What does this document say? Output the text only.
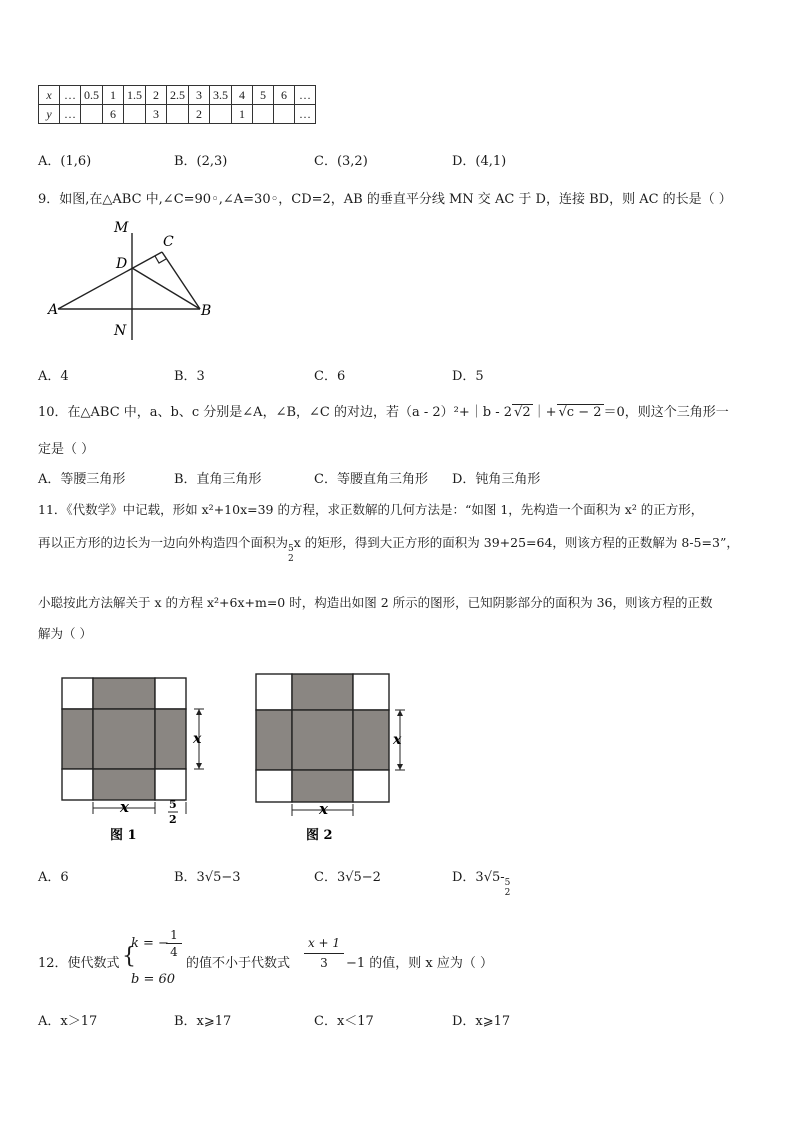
x	…	0.5	1	1.5	2	2.5	3	3.5	4	5	6	…
y	…		6		3		2		1			…
A．(1,6)	B．(2,3)	C．(3,2)	D．(4,1)
9．如图,在△ABC 中,∠C=90◦,∠A=30◦，CD=2，AB 的垂直平分线 MN 交 AC 于 D，连接 BD，则 AC 的长是（ ）
M
C
D
A	B
N
A．4	B．3	C．6	D．5
10．在△ABC 中，a、b、c 分别是∠A，∠B，∠C 的对边，若（a - 2）²+｜b - 2 √2 ｜+ √c − 2 ＝0，则这个三角形一
定是（ ）
A．等腰三角形	B．直角三角形	C．等腰直角三角形 D．钝角三角形
11．《代数学》中记载，形如 x²+10x=39 的方程，求正数解的几何方法是：“如图 1，先构造一个面积为 x² 的正方形，
再以正方形的边长为一边向外构造四个面积为 5
2
x 的矩形，得到大正方形的面积为 39+25=64，则该方程的正数解为 8-5=3”，
小聪按此方法解关于 x 的方程 x²+6x+m=0 时，构造出如图 2 所示的图形，已知阴影部分的面积为 36，则该方程的正数
解为（ ）
x
x	5
2
图 1
x
x
图 2
A．6	B．3√5−3	C．3√5−2	D．3√5- 5
2
12．使代数式 {
k = −
1
4
b = 60
的值不小于代数式
x + 1
3	−1 的值，则 x 应为（ ）
A．x＞17	B．x⩾17	C．x＜17	D．x⩾17
